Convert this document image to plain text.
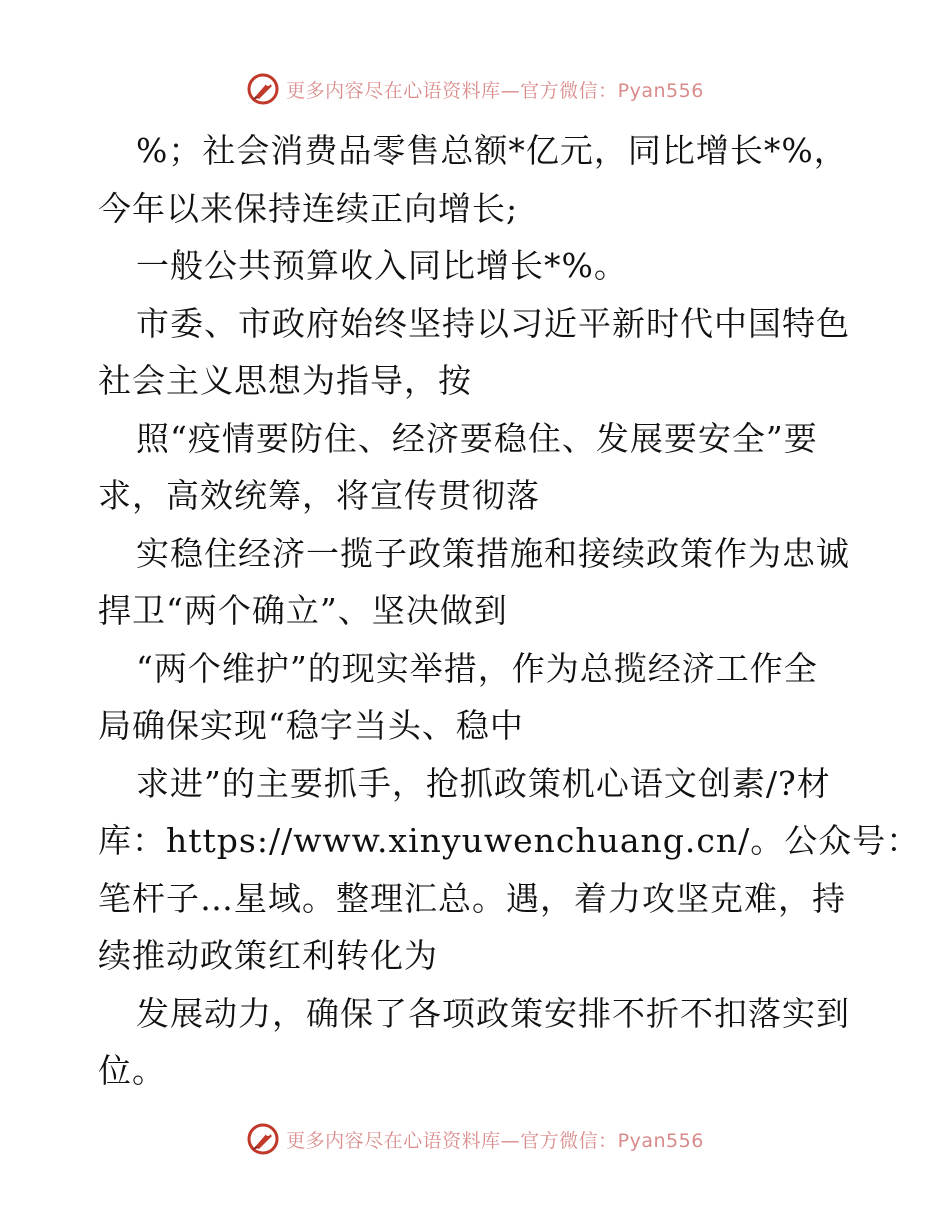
更多内容尽在心语资料库—官方微信：Pyan556
%；社会消费品零售总额*亿元，同比增长*%，
今年以来保持连续正向增长;
一般公共预算收入同比增长*%。
市委、市政府始终坚持以习近平新时代中国特色
社会主义思想为指导，按
照“疫情要防住、经济要稳住、发展要安全”要
求，高效统筹，将宣传贯彻落
实稳住经济一揽子政策措施和接续政策作为忠诚
捍卫“两个确立”、坚决做到
“两个维护”的现实举措，作为总揽经济工作全
局确保实现“稳字当头、稳中
求进”的主要抓手，抢抓政策机心语文创素/?材
库：https://www.xinyuwenchuang.cn/。公众号：
笔杆子…星域。整理汇总。遇，着力攻坚克难，持
续推动政策红利转化为
发展动力，确保了各项政策安排不折不扣落实到
位。
更多内容尽在心语资料库—官方微信：Pyan556
